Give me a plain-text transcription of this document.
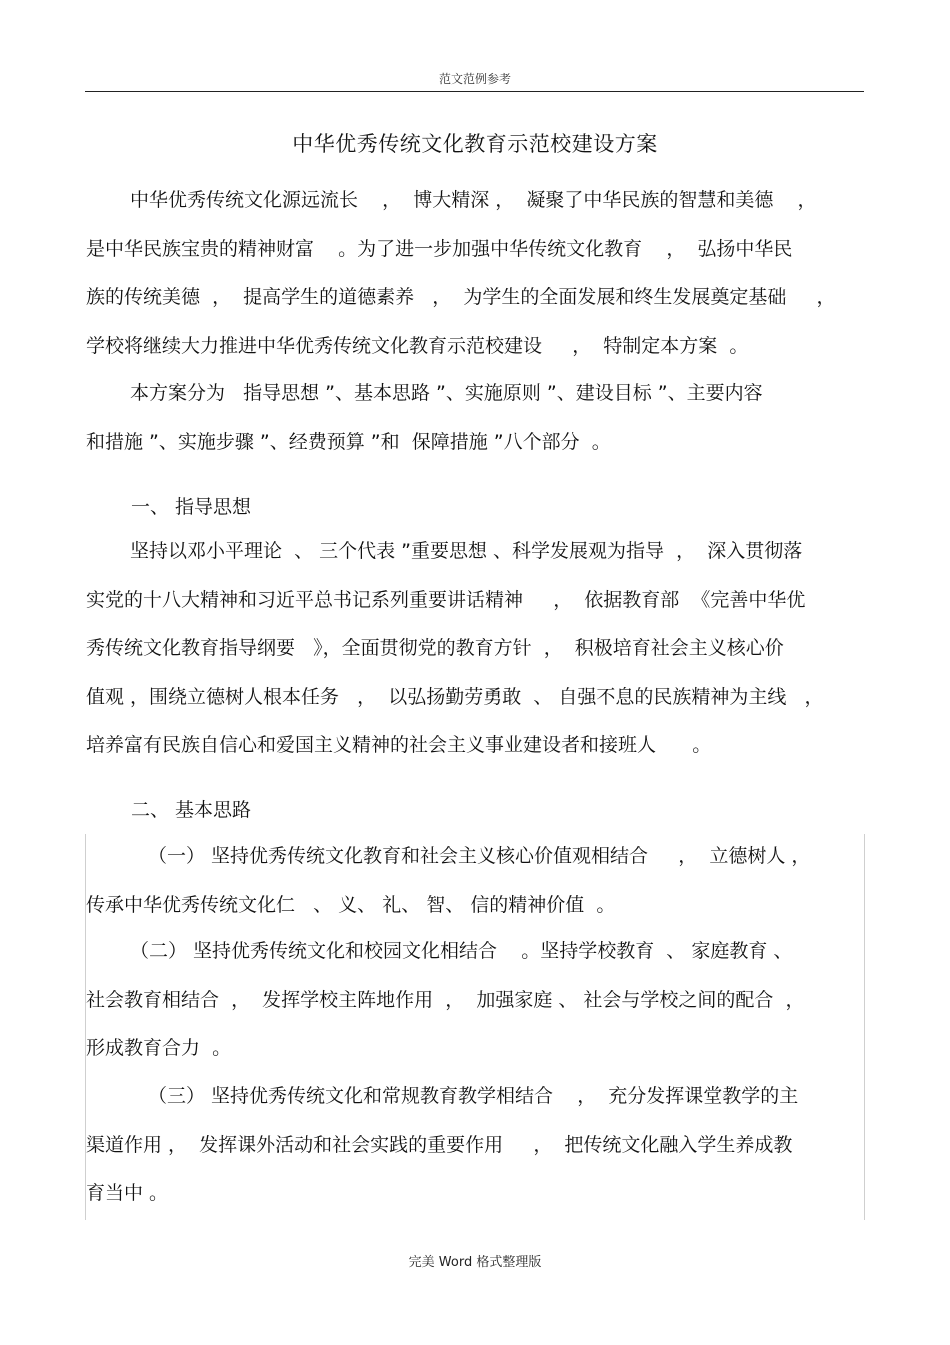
范文范例参考
中华优秀传统文化教育示范校建设方案
中华优秀传统文化源远流长    ，  博大精深 ，  凝聚了中华民族的智慧和美德    ，
是中华民族宝贵的精神财富    。为了进一步加强中华传统文化教育    ，  弘扬中华民
族的传统美德  ，  提高学生的道德素养   ，  为学生的全面发展和终生发展奠定基础     ，
学校将继续大力推进中华优秀传统文化教育示范校建设     ，  特制定本方案  。
本方案分为   指导思想 ”、基本思路 ”、实施原则 ”、建设目标 ”、主要内容
和措施 ”、实施步骤 ”、经费预算 ”和  保障措施 ”八个部分  。
一、 指导思想
坚持以邓小平理论  、 三个代表 ”重要思想 、科学发展观为指导  ，  深入贯彻落
实党的十八大精神和习近平总书记系列重要讲话精神     ，  依据教育部  《完善中华优
秀传统文化教育指导纲要   》，全面贯彻党的教育方针  ，  积极培育社会主义核心价
值观 ，围绕立德树人根本任务   ，  以弘扬勤劳勇敢  、 自强不息的民族精神为主线   ，
培养富有民族自信心和爱国主义精神的社会主义事业建设者和接班人      。
二、 基本思路
（一） 坚持优秀传统文化教育和社会主义核心价值观相结合     ，  立德树人 ，
传承中华优秀传统文化仁   、 义、 礼、 智、 信的精神价值  。
（二） 坚持优秀传统文化和校园文化相结合    。坚持学校教育  、 家庭教育 、
社会教育相结合  ，  发挥学校主阵地作用  ，  加强家庭 、 社会与学校之间的配合  ，
形成教育合力  。
（三） 坚持优秀传统文化和常规教育教学相结合    ，  充分发挥课堂教学的主
渠道作用 ，  发挥课外活动和社会实践的重要作用     ，  把传统文化融入学生养成教
育当中 。
完美 Word 格式整理版
